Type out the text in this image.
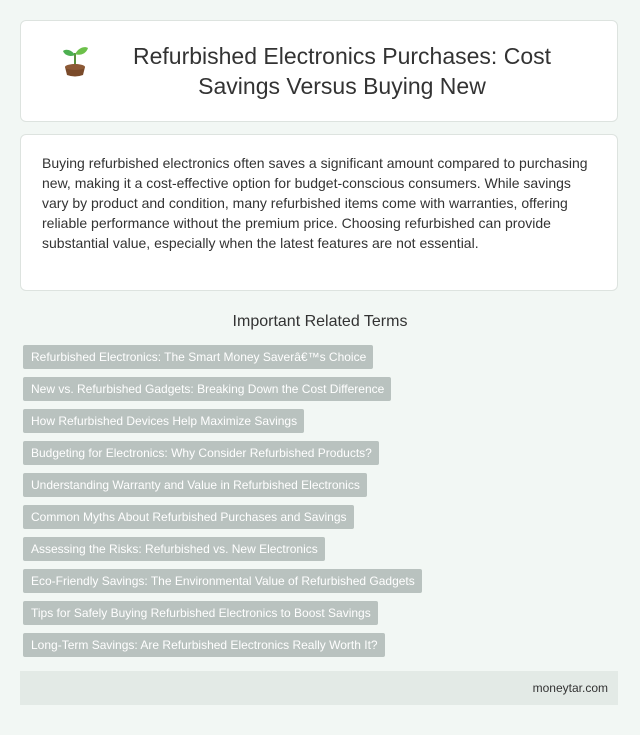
Refurbished Electronics Purchases: Cost Savings Versus Buying New

Buying refurbished electronics often saves a significant amount compared to purchasing new, making it a cost-effective option for budget-conscious consumers. While savings vary by product and condition, many refurbished items come with warranties, offering reliable performance without the premium price. Choosing refurbished can provide substantial value, especially when the latest features are not essential.

Important Related Terms
Refurbished Electronics: The Smart Money Saverâ€™s Choice
New vs. Refurbished Gadgets: Breaking Down the Cost Difference
How Refurbished Devices Help Maximize Savings
Budgeting for Electronics: Why Consider Refurbished Products?
Understanding Warranty and Value in Refurbished Electronics
Common Myths About Refurbished Purchases and Savings
Assessing the Risks: Refurbished vs. New Electronics
Eco-Friendly Savings: The Environmental Value of Refurbished Gadgets
Tips for Safely Buying Refurbished Electronics to Boost Savings
Long-Term Savings: Are Refurbished Electronics Really Worth It?
moneytar.com
